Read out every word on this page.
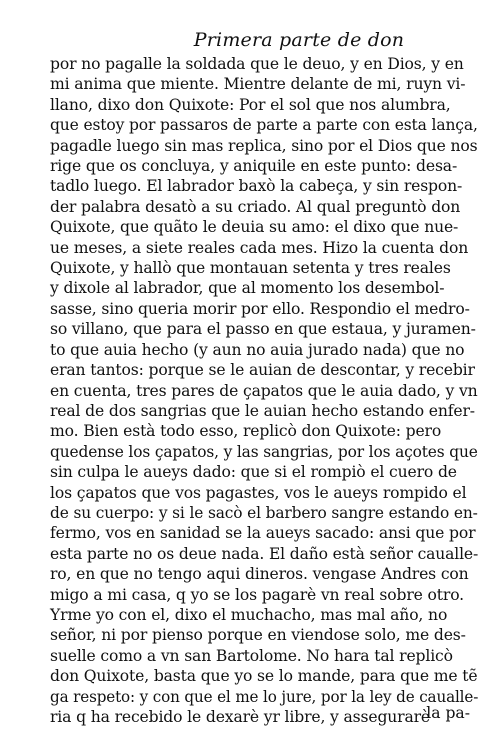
Primera parte de don
por no pagalle la soldada que le deuo, y en Dios, y en
mi anima que miente. Mientre delante de mi, ruyn vi-
llano, dixo don Quixote: Por el sol que nos alumbra,
que estoy por passaros de parte a parte con esta lança,
pagadle luego sin mas replica, sino por el Dios que nos
rige que os concluya, y aniquile en este punto: desa-
tadlo luego. El labrador baxò la cabeça, y sin respon-
der palabra desatò a su criado. Al qual preguntò don
Quixote, que quãto le deuia su amo: el dixo que nue-
ue meses, a siete reales cada mes. Hizo la cuenta don
Quixote, y hallò que montauan setenta y tres reales
y dixole al labrador, que al momento los desembol-
sasse, sino queria morir por ello. Respondio el medro-
so villano, que para el passo en que estaua, y juramen-
to que auia hecho (y aun no auia jurado nada) que no
eran tantos: porque se le auian de descontar, y recebir
en cuenta, tres pares de çapatos que le auia dado, y vn
real de dos sangrias que le auian hecho estando enfer-
mo. Bien està todo esso, replicò don Quixote: pero
quedense los çapatos, y las sangrias, por los açotes que
sin culpa le aueys dado: que si el rompiò el cuero de
los çapatos que vos pagastes, vos le aueys rompido el
de su cuerpo: y si le sacò el barbero sangre estando en-
fermo, vos en sanidad se la aueys sacado: ansi que por
esta parte no os deue nada. El daño està señor caualle-
ro, en que no tengo aqui dineros. vengase Andres con
migo a mi casa, q yo se los pagarè vn real sobre otro.
Yrme yo con el, dixo el muchacho, mas mal año, no
señor, ni por pienso porque en viendose solo, me des-
suelle como a vn san Bartolome. No hara tal replicò
don Quixote, basta que yo se lo mande, para que me tẽ
ga respeto: y con que el me lo jure, por la ley de caualle-
ria q ha recebido le dexarè yr libre, y assegurarè
la pa-
